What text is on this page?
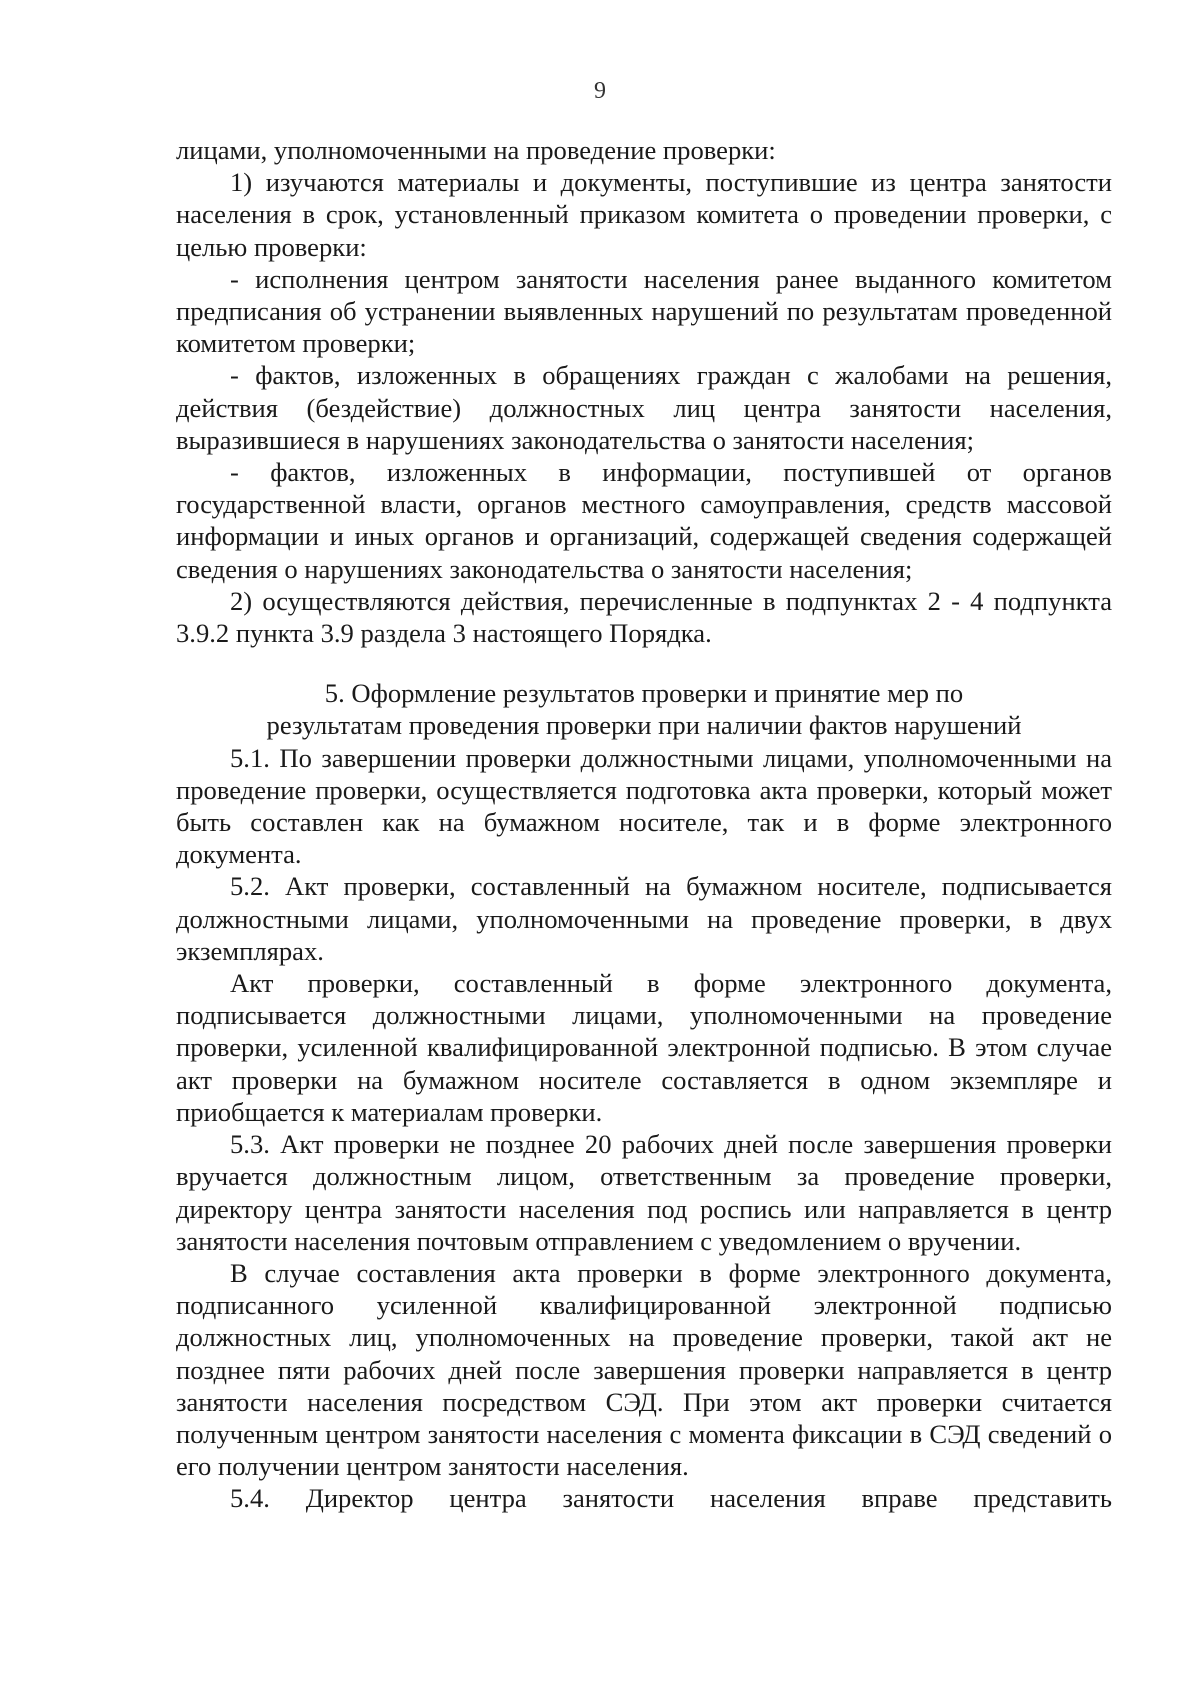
9

лицами, уполномоченными на проведение проверки:

1) изучаются материалы и документы, поступившие из центра занятости населения в срок, установленный приказом комитета о проведении проверки, с целью проверки:

- исполнения центром занятости населения ранее выданного комитетом предписания об устранении выявленных нарушений по результатам проведенной комитетом проверки;

- фактов, изложенных в обращениях граждан с жалобами на решения, действия (бездействие) должностных лиц центра занятости населения, выразившиеся в нарушениях законодательства о занятости населения;

- фактов, изложенных в информации, поступившей от органов государственной власти, органов местного самоуправления, средств массовой информации и иных органов и организаций, содержащей сведения содержащей сведения о нарушениях законодательства о занятости населения;

2) осуществляются действия, перечисленные в подпунктах 2 - 4 подпункта 3.9.2 пункта 3.9 раздела 3 настоящего Порядка.

5. Оформление результатов проверки и принятие мер по
результатам проведения проверки при наличии фактов нарушений

5.1. По завершении проверки должностными лицами, уполномоченными на проведение проверки, осуществляется подготовка акта проверки, который может быть составлен как на бумажном носителе, так и в форме электронного документа.

5.2. Акт проверки, составленный на бумажном носителе, подписывается должностными лицами, уполномоченными на проведение проверки, в двух экземплярах.

Акт проверки, составленный в форме электронного документа, подписывается должностными лицами, уполномоченными на проведение проверки, усиленной квалифицированной электронной подписью. В этом случае акт проверки на бумажном носителе составляется в одном экземпляре и приобщается к материалам проверки.

5.3. Акт проверки не позднее 20 рабочих дней после завершения проверки вручается должностным лицом, ответственным за проведение проверки, директору центра занятости населения под роспись или направляется в центр занятости населения почтовым отправлением с уведомлением о вручении.

В случае составления акта проверки в форме электронного документа, подписанного усиленной квалифицированной электронной подписью должностных лиц, уполномоченных на проведение проверки, такой акт не позднее пяти рабочих дней после завершения проверки направляется в центр занятости населения посредством СЭД. При этом акт проверки считается полученным центром занятости населения с момента фиксации в СЭД сведений о его получении центром занятости населения.

5.4. Директор центра занятости населения вправе представить
